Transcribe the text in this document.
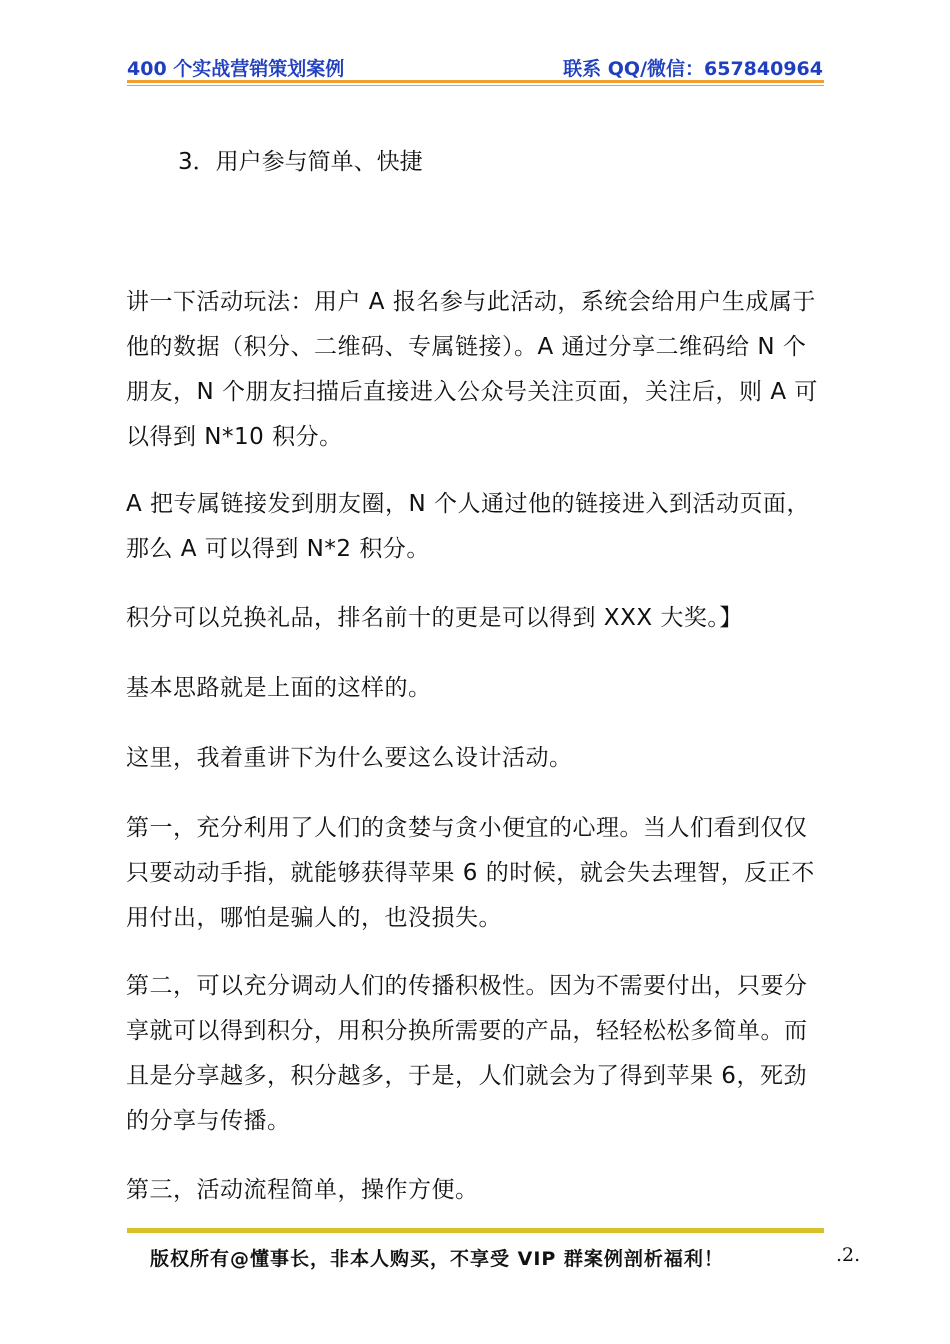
400 个实战营销策划案例	联系 QQ/微信：657840964
3．用户参与简单、快捷

讲一下活动玩法：用户 A 报名参与此活动，系统会给用户生成属于他的数据（积分、二维码、专属链接）。A 通过分享二维码给 N 个朋友，N 个朋友扫描后直接进入公众号关注页面，关注后，则 A 可以得到 N*10 积分。

A 把专属链接发到朋友圈，N 个人通过他的链接进入到活动页面，那么 A 可以得到 N*2 积分。

积分可以兑换礼品，排名前十的更是可以得到 XXX 大奖。】

基本思路就是上面的这样的。

这里，我着重讲下为什么要这么设计活动。

第一，充分利用了人们的贪婪与贪小便宜的心理。当人们看到仅仅只要动动手指，就能够获得苹果 6 的时候，就会失去理智，反正不用付出，哪怕是骗人的，也没损失。

第二，可以充分调动人们的传播积极性。因为不需要付出，只要分享就可以得到积分，用积分换所需要的产品，轻轻松松多简单。而且是分享越多，积分越多，于是，人们就会为了得到苹果 6，死劲的分享与传播。

第三，活动流程简单，操作方便。

版权所有@懂事长，非本人购买，不享受 VIP 群案例剖析福利！	.2.
